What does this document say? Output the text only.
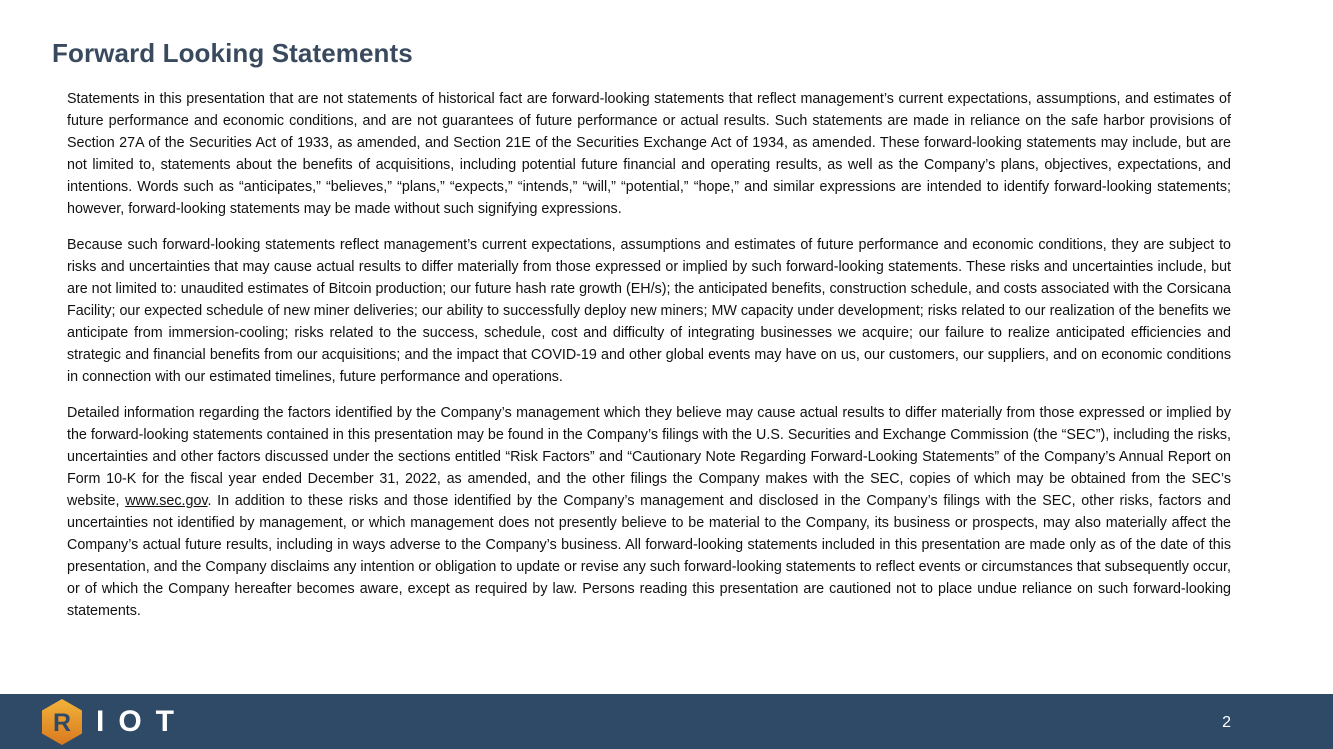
Forward Looking Statements

Statements in this presentation that are not statements of historical fact are forward-looking statements that reflect management’s current expectations, assumptions, and estimates of future performance and economic conditions, and are not guarantees of future performance or actual results. Such statements are made in reliance on the safe harbor provisions of Section 27A of the Securities Act of 1933, as amended, and Section 21E of the Securities Exchange Act of 1934, as amended. These forward-looking statements may include, but are not limited to, statements about the benefits of acquisitions, including potential future financial and operating results, as well as the Company’s plans, objectives, expectations, and intentions. Words such as “anticipates,” “believes,” “plans,” “expects,” “intends,” “will,” “potential,” “hope,” and similar expressions are intended to identify forward-looking statements; however, forward-looking statements may be made without such signifying expressions.

Because such forward-looking statements reflect management’s current expectations, assumptions and estimates of future performance and economic conditions, they are subject to risks and uncertainties that may cause actual results to differ materially from those expressed or implied by such forward-looking statements. These risks and uncertainties include, but are not limited to: unaudited estimates of Bitcoin production; our future hash rate growth (EH/s); the anticipated benefits, construction schedule, and costs associated with the Corsicana Facility; our expected schedule of new miner deliveries; our ability to successfully deploy new miners; MW capacity under development; risks related to our realization of the benefits we anticipate from immersion-cooling; risks related to the success, schedule, cost and difficulty of integrating businesses we acquire; our failure to realize anticipated efficiencies and strategic and financial benefits from our acquisitions; and the impact that COVID-19 and other global events may have on us, our customers, our suppliers, and on economic conditions in connection with our estimated timelines, future performance and operations.

Detailed information regarding the factors identified by the Company’s management which they believe may cause actual results to differ materially from those expressed or implied by the forward-looking statements contained in this presentation may be found in the Company’s filings with the U.S. Securities and Exchange Commission (the “SEC”), including the risks, uncertainties and other factors discussed under the sections entitled “Risk Factors” and “Cautionary Note Regarding Forward-Looking Statements” of the Company’s Annual Report on Form 10-K for the fiscal year ended December 31, 2022, as amended, and the other filings the Company makes with the SEC, copies of which may be obtained from the SEC’s website, www.sec.gov. In addition to these risks and those identified by the Company’s management and disclosed in the Company’s filings with the SEC, other risks, factors and uncertainties not identified by management, or which management does not presently believe to be material to the Company, its business or prospects, may also materially affect the Company’s actual future results, including in ways adverse to the Company’s business. All forward-looking statements included in this presentation are made only as of the date of this presentation, and the Company disclaims any intention or obligation to update or revise any such forward-looking statements to reflect events or circumstances that subsequently occur, or of which the Company hereafter becomes aware, except as required by law. Persons reading this presentation are cautioned not to place undue reliance on such forward-looking statements.

R IOT	2
